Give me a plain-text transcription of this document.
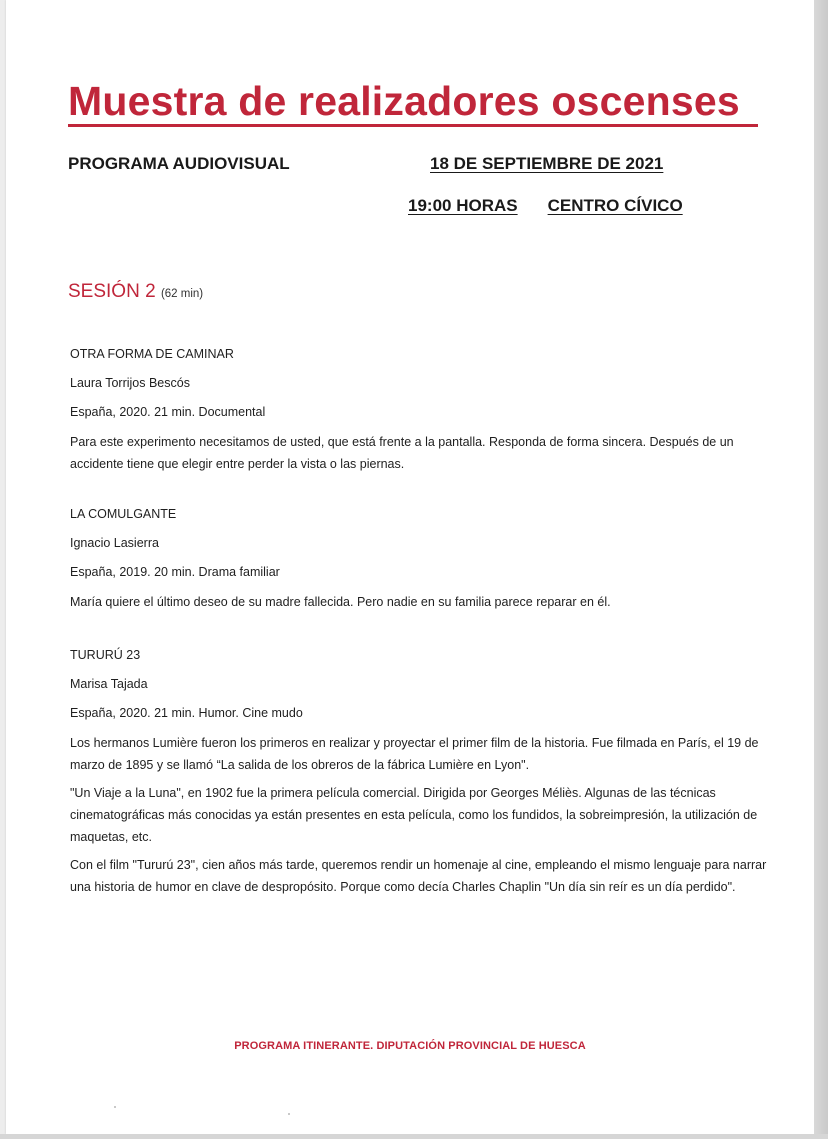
Muestra de realizadores oscenses
PROGRAMA AUDIOVISUAL	18 DE SEPTIEMBRE DE 2021
19:00 HORAS CENTRO CÍVICO
SESIÓN 2 (62 min)

OTRA FORMA DE CAMINAR

Laura Torrijos Bescós

España, 2020. 21 min. Documental

Para este experimento necesitamos de usted, que está frente a la pantalla. Responda de forma sincera. Después de un accidente tiene que elegir entre perder la vista o las piernas.

LA COMULGANTE

Ignacio Lasierra

España, 2019. 20 min. Drama familiar

María quiere el último deseo de su madre fallecida. Pero nadie en su familia parece reparar en él.

TURURÚ 23

Marisa Tajada

España, 2020. 21 min. Humor. Cine mudo

Los hermanos Lumière fueron los primeros en realizar y proyectar el primer film de la historia. Fue filmada en París, el 19 de marzo de 1895 y se llamó “La salida de los obreros de la fábrica Lumière en Lyon".

"Un Viaje a la Luna", en 1902 fue la primera película comercial. Dirigida por Georges Méliès. Algunas de las técnicas cinematográficas más conocidas ya están presentes en esta película, como los fundidos, la sobreimpresión, la utilización de maquetas, etc.

Con el film "Tururú 23", cien años más tarde, queremos rendir un homenaje al cine, empleando el mismo lenguaje para narrar una historia de humor en clave de despropósito. Porque como decía Charles Chaplin "Un día sin reír es un día perdido".

PROGRAMA ITINERANTE. DIPUTACIÓN PROVINCIAL DE HUESCA
